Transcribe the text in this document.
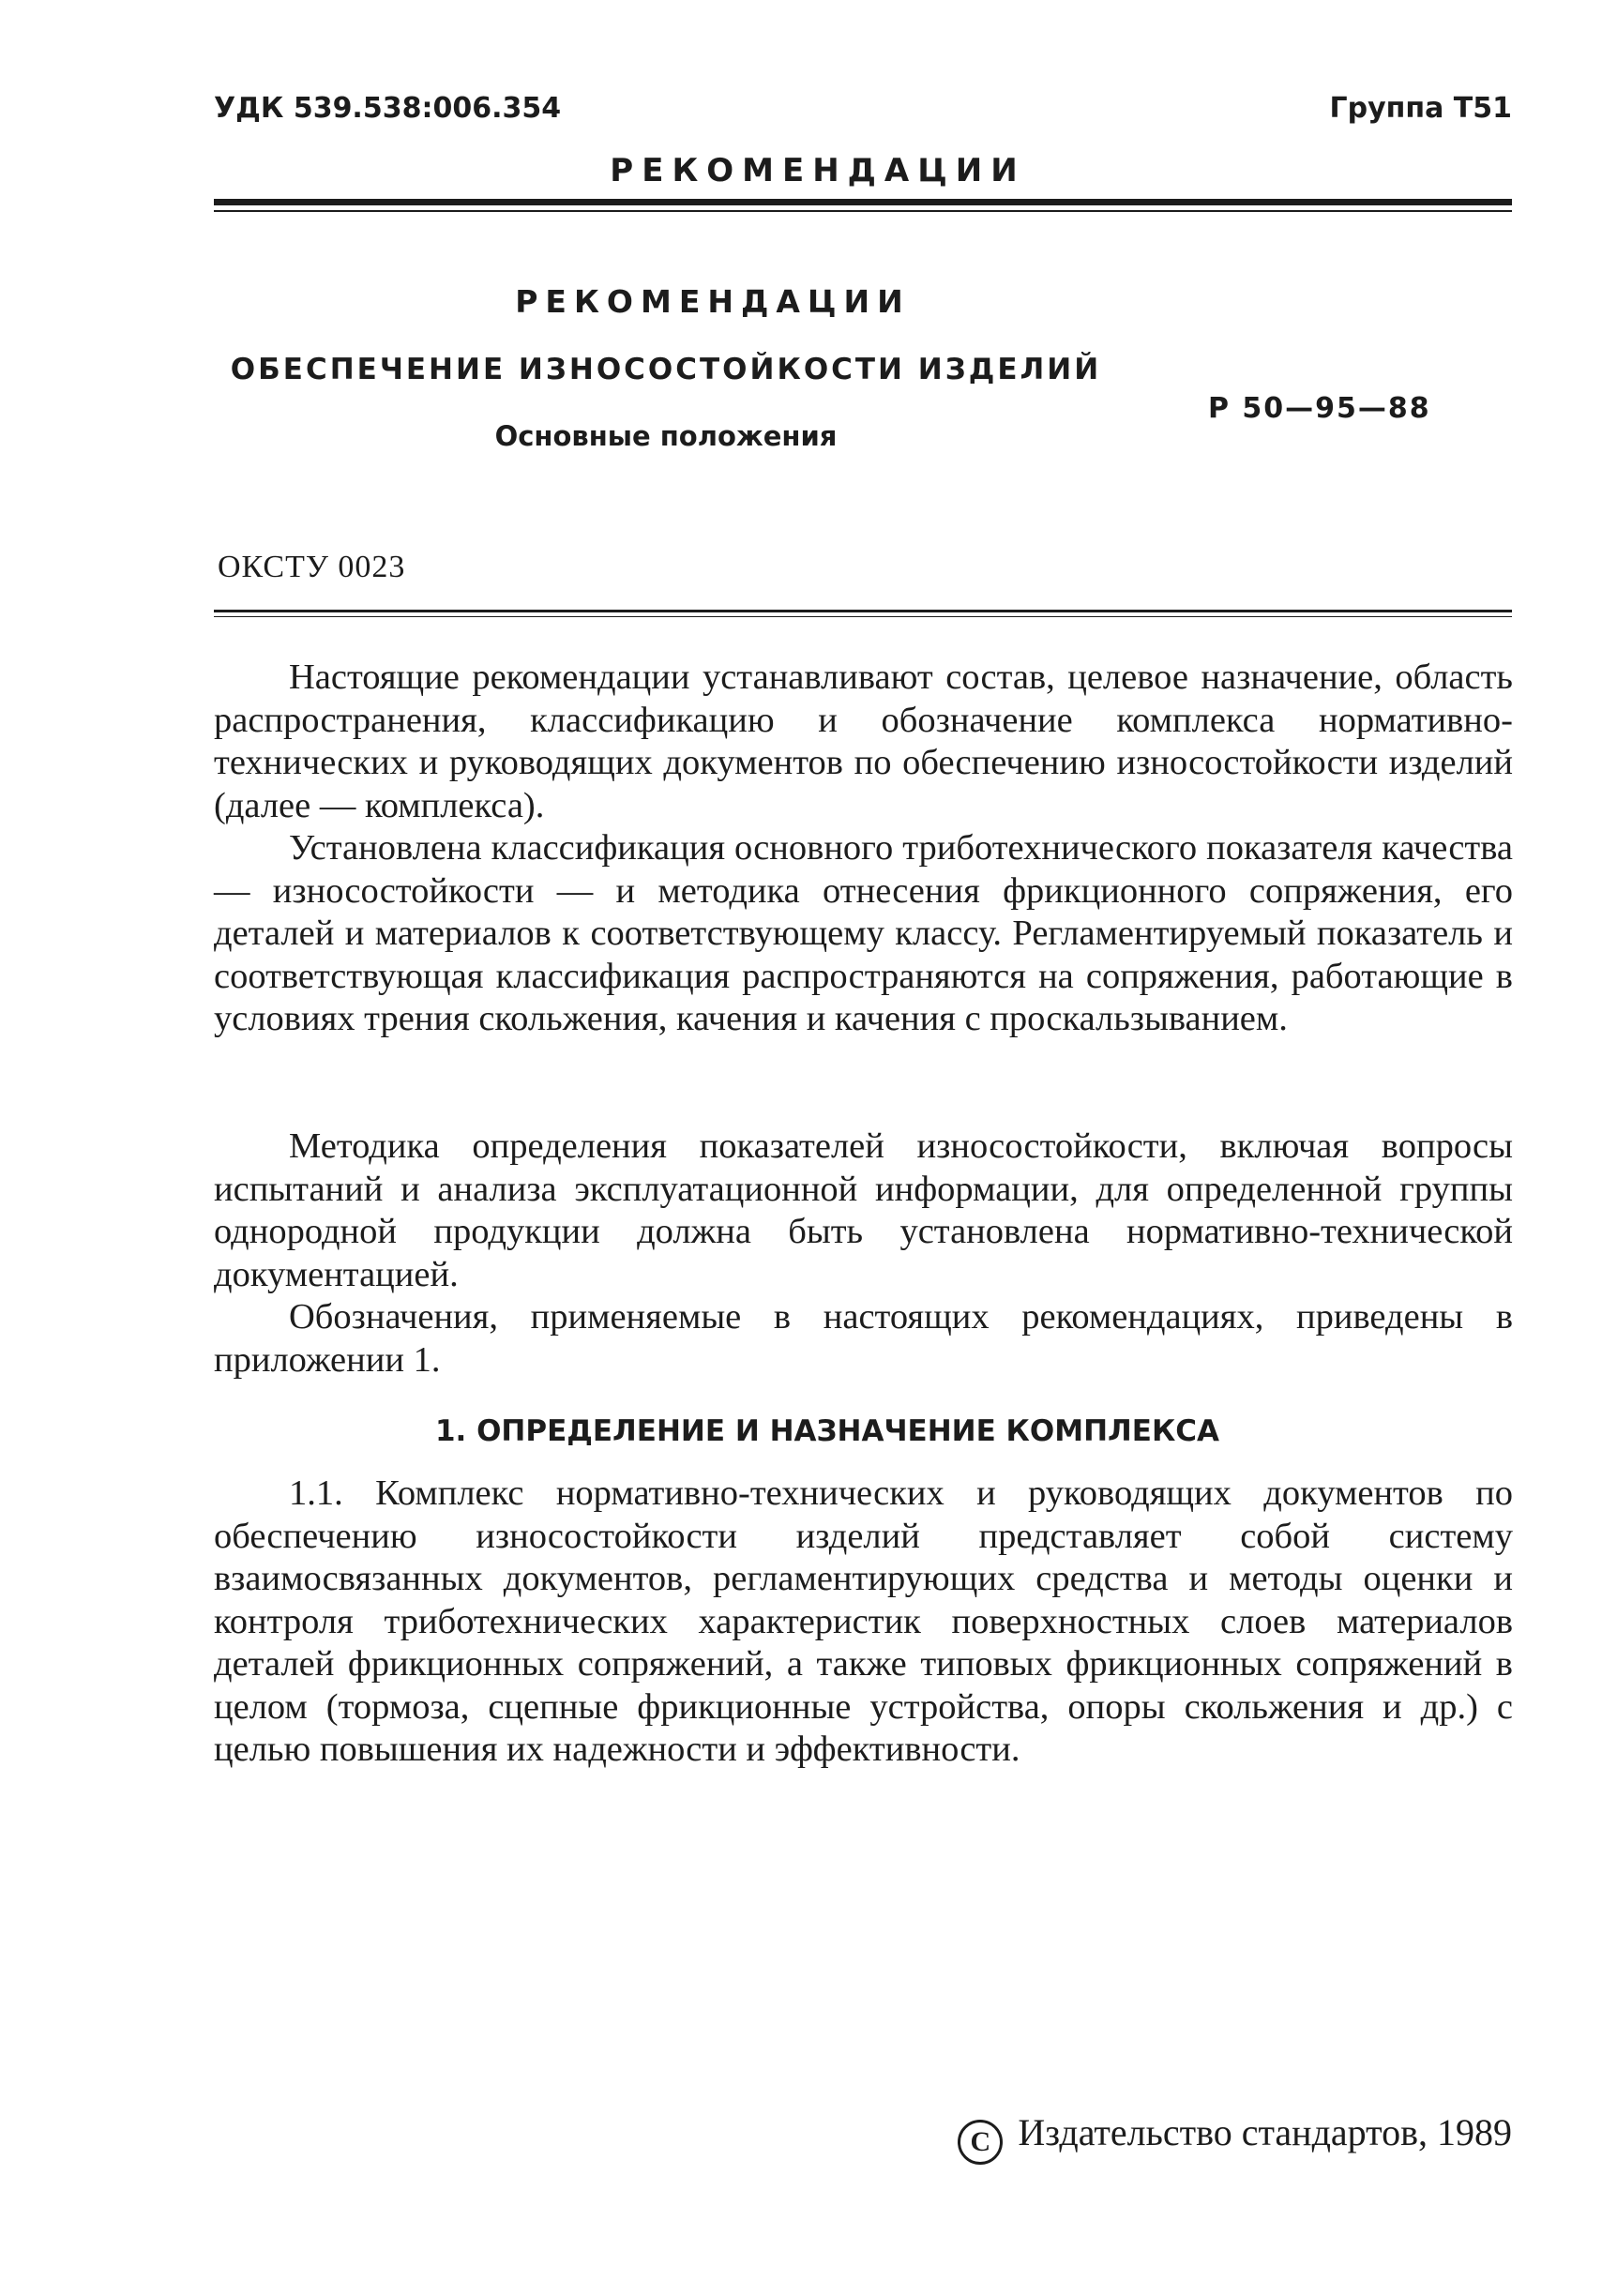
УДК 539.538:006.354	Группа Т51
РЕКОМЕНДАЦИИ
РЕКОМЕНДАЦИИ
ОБЕСПЕЧЕНИЕ ИЗНОСОСТОЙКОСТИ ИЗДЕЛИЙ
Основные положения
Р 50—95—88
ОКСТУ 0023

Настоящие рекомендации устанавливают состав, целевое назначение, область распространения, классификацию и обозначение комплекса нормативно-технических и руководящих документов по обеспечению износостойкости изделий (далее — комплекса).

Установлена классификация основного триботехнического показателя качества — износостойкости — и методика отнесения фрикционного сопряжения, его деталей и материалов к соответствующему классу. Регламентируемый показатель и соответствующая классификация распространяются на сопряжения, работающие в условиях трения скольжения, качения и качения с проскальзыванием.

Методика определения показателей износостойкости, включая вопросы испытаний и анализа эксплуатационной информации, для определенной группы однородной продукции должна быть установлена нормативно-технической документацией.

Обозначения, применяемые в настоящих рекомендациях, приведены в приложении 1.

1. ОПРЕДЕЛЕНИЕ И НАЗНАЧЕНИЕ КОМПЛЕКСА

1.1. Комплекс нормативно-технических и руководящих документов по обеспечению износостойкости изделий представляет собой систему взаимосвязанных документов, регламентирующих средства и методы оценки и контроля триботехнических характеристик поверхностных слоев материалов деталей фрикционных сопряжений, а также типовых фрикционных сопряжений в целом (тормоза, сцепные фрикционные устройства, опоры скольжения и др.) с целью повышения их надежности и эффективности.

С Издательство стандартов, 1989
